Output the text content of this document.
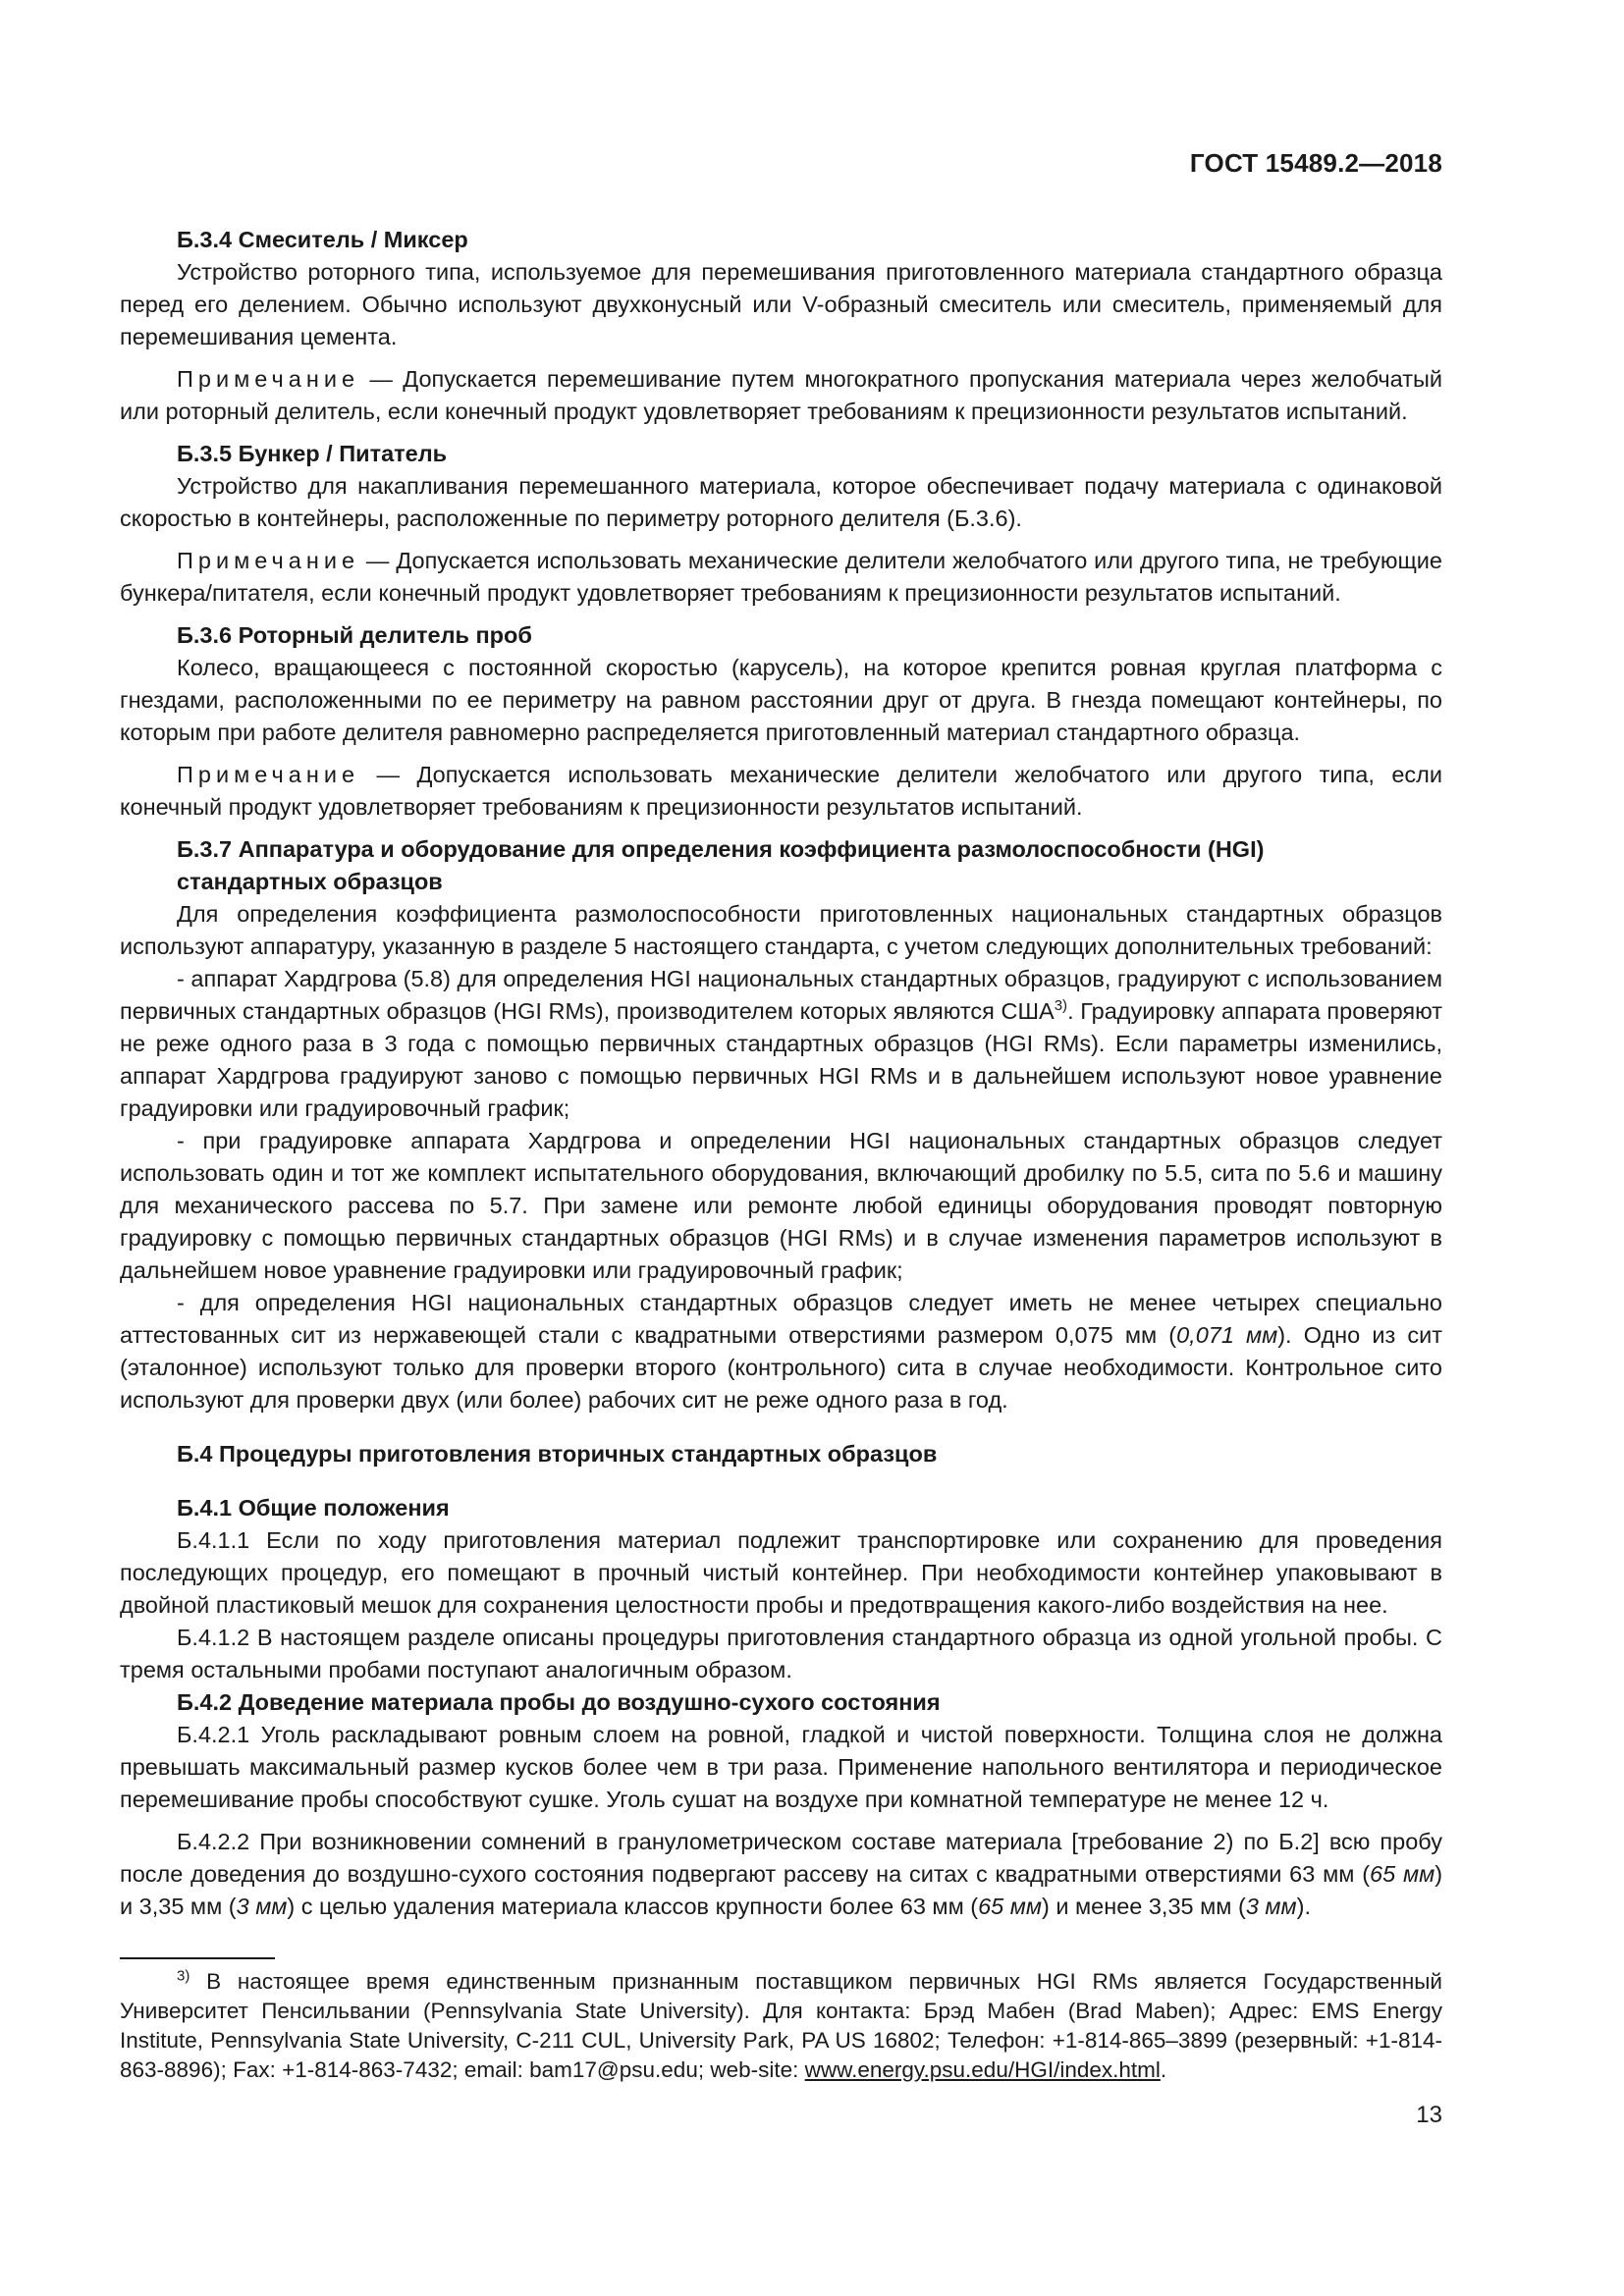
ГОСТ 15489.2—2018
Б.3.4 Смеситель / Миксер

Устройство роторного типа, используемое для перемешивания приготовленного материала стандартного образца перед его делением. Обычно используют двухконусный или V-образный смеситель или смеситель, применяемый для перемешивания цемента.

Примечание — Допускается перемешивание путем многократного пропускания материала через желобчатый или роторный делитель, если конечный продукт удовлетворяет требованиям к прецизионности результатов испытаний.

Б.3.5 Бункер / Питатель

Устройство для накапливания перемешанного материала, которое обеспечивает подачу материала с одинаковой скоростью в контейнеры, расположенные по периметру роторного делителя (Б.3.6).

Примечание — Допускается использовать механические делители желобчатого или другого типа, не требующие бункера/питателя, если конечный продукт удовлетворяет требованиям к прецизионности результатов испытаний.

Б.3.6 Роторный делитель проб

Колесо, вращающееся с постоянной скоростью (карусель), на которое крепится ровная круглая платформа с гнездами, расположенными по ее периметру на равном расстоянии друг от друга. В гнезда помещают контейнеры, по которым при работе делителя равномерно распределяется приготовленный материал стандартного образца.

Примечание — Допускается использовать механические делители желобчатого или другого типа, если конечный продукт удовлетворяет требованиям к прецизионности результатов испытаний.

Б.3.7 Аппаратура и оборудование для определения коэффициента размолоспособности (HGI)
стандартных образцов

Для определения коэффициента размолоспособности приготовленных национальных стандартных образцов используют аппаратуру, указанную в разделе 5 настоящего стандарта, с учетом следующих дополнительных требований:

- аппарат Хардгрова (5.8) для определения HGI национальных стандартных образцов, градуируют с использованием первичных стандартных образцов (HGI RMs), производителем которых являются США$^{3)}$. Градуировку аппарата проверяют не реже одного раза в 3 года с помощью первичных стандартных образцов (HGI RMs). Если параметры изменились, аппарат Хардгрова градуируют заново с помощью первичных HGI RMs и в дальнейшем используют новое уравнение градуировки или градуировочный график;

- при градуировке аппарата Хардгрова и определении HGI национальных стандартных образцов следует использовать один и тот же комплект испытательного оборудования, включающий дробилку по 5.5, сита по 5.6 и машину для механического рассева по 5.7. При замене или ремонте любой единицы оборудования проводят повторную градуировку с помощью первичных стандартных образцов (HGI RMs) и в случае изменения параметров используют в дальнейшем новое уравнение градуировки или градуировочный график;

- для определения HGI национальных стандартных образцов следует иметь не менее четырех специально аттестованных сит из нержавеющей стали с квадратными отверстиями размером 0,075 мм (0,071 мм). Одно из сит (эталонное) используют только для проверки второго (контрольного) сита в случае необходимости. Контрольное сито используют для проверки двух (или более) рабочих сит не реже одного раза в год.

Б.4 Процедуры приготовления вторичных стандартных образцов
Б.4.1 Общие положения

Б.4.1.1 Если по ходу приготовления материал подлежит транспортировке или сохранению для проведения последующих процедур, его помещают в прочный чистый контейнер. При необходимости контейнер упаковывают в двойной пластиковый мешок для сохранения целостности пробы и предотвращения какого-либо воздействия на нее.

Б.4.1.2 В настоящем разделе описаны процедуры приготовления стандартного образца из одной угольной пробы. С тремя остальными пробами поступают аналогичным образом.

Б.4.2 Доведение материала пробы до воздушно-сухого состояния

Б.4.2.1 Уголь раскладывают ровным слоем на ровной, гладкой и чистой поверхности. Толщина слоя не должна превышать максимальный размер кусков более чем в три раза. Применение напольного вентилятора и периодическое перемешивание пробы способствуют сушке. Уголь сушат на воздухе при комнатной температуре не менее 12 ч.

Б.4.2.2 При возникновении сомнений в гранулометрическом составе материала [требование 2) по Б.2] всю пробу после доведения до воздушно-сухого состояния подвергают рассеву на ситах с квадратными отверстиями 63 мм (65 мм) и 3,35 мм (3 мм) с целью удаления материала классов крупности более 63 мм (65 мм) и менее 3,35 мм (3 мм).

$^{3)}$ В настоящее время единственным признанным поставщиком первичных HGI RMs является Государственный Университет Пенсильвании (Pennsylvania State University). Для контакта: Брэд Мабен (Brad Maben); Адрес: EMS Energy Institute, Pennsylvania State University, C-211 CUL, University Park, PA US 16802; Телефон: +1-814-865–3899 (резервный: +1-814-863-8896); Fax: +1-814-863-7432; email: bam17@psu.edu; web-site: www.energy.psu.edu/HGI/index.html.

13
